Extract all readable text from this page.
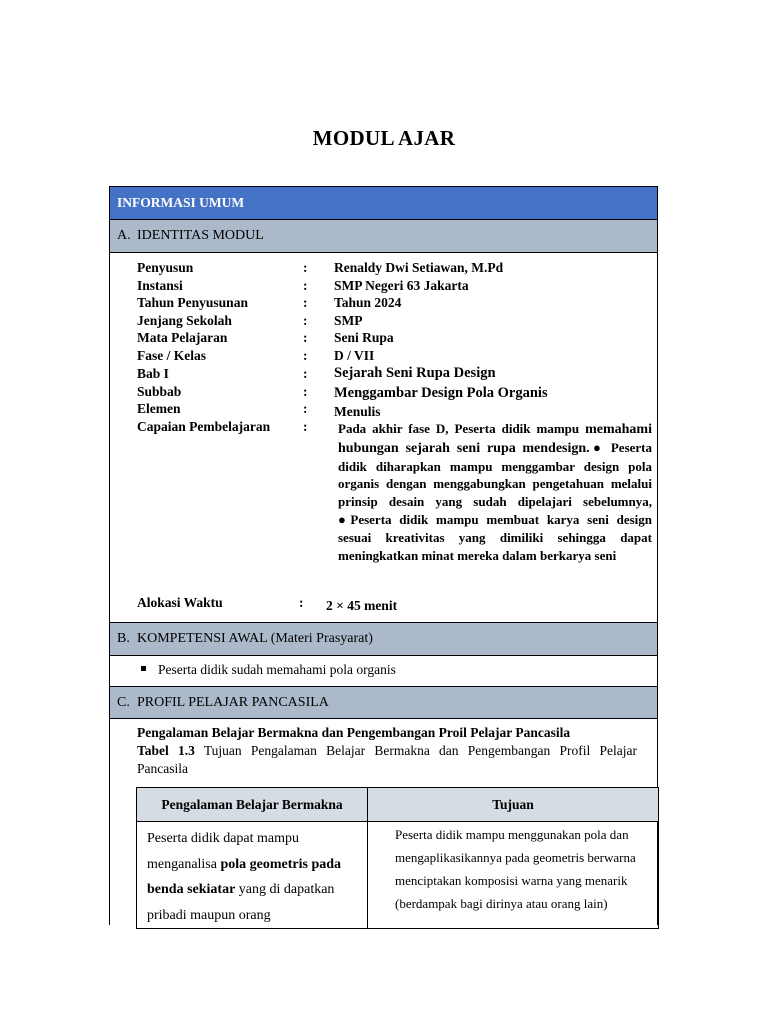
MODUL AJAR
INFORMASI UMUM
A. IDENTITAS MODUL
Penyusun	: Renaldy Dwi Setiawan, M.Pd
Instansi	: SMP Negeri 63 Jakarta
Tahun Penyusunan	: Tahun 2024
Jenjang Sekolah	: SMP
Mata Pelajaran	: Seni Rupa
Fase / Kelas	: D / VII
Bab I	: Sejarah Seni Rupa Design
Subbab	: Menggambar Design Pola Organis
Elemen	: Menulis
Capaian Pembelajaran : Pada akhir fase D, Peserta didik mampu memahami hubungan sejarah seni rupa mendesign.● Peserta didik diharapkan mampu menggambar design pola organis dengan menggabungkan pengetahuan melalui prinsip desain yang sudah dipelajari sebelumnya, ●Peserta didik mampu membuat karya seni design sesuai kreativitas yang dimiliki sehingga dapat meningkatkan minat mereka dalam berkarya seni
Alokasi Waktu	: 2 × 45 menit
B. KOMPETENSI AWAL (Materi Prasyarat)
Peserta didik sudah memahami pola organis
C. PROFIL PELAJAR PANCASILA
Pengalaman Belajar Bermakna dan Pengembangan Proil Pelajar Pancasila
Tabel 1.3 Tujuan Pengalaman Belajar Bermakna dan Pengembangan Profil Pelajar Pancasila
Pengalaman Belajar Bermakna	Tujuan
Peserta didik dapat mampu menganalisa pola geometris pada benda sekiatar yang di dapatkan pribadi maupun orang	Peserta didik mampu menggunakan pola dan mengaplikasikannya pada geometris berwarna menciptakan komposisi warna yang menarik (berdampak bagi dirinya atau orang lain)
